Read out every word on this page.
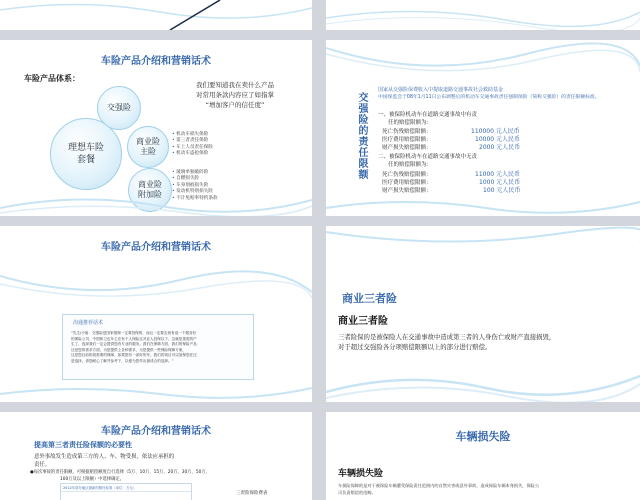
车险产品介绍和营销话术
车险产品体系：
理想车险
套餐
交强险
商业险
主险
商业险
附加险
我们要知道我在卖什么产品
对常用条款内容应了如指掌
“增加客户的信任度”
• 机动车损失保险
• 第三者责任保险
• 车上人员责任保险
• 机动车盗抢保险
• 玻璃单独破碎险
• 自燃损失险
• 车身划痕损失险
• 发动机特别损失险
• 不计免赔率特约条款
交强险的责任限额
国家从交强险保费收入中提取道路交通事故社会救助基金
中国保监会于08年1月11日公布调整后的机动车交通事故责任强制保险（简称交强险）的责任限额标准。
一、被保险机动车在道路交通事故中有责
任的赔偿限额为：
死亡伤残赔偿限额：	110000 元人民币
医疗费用赔偿限额：	10000 元人民币
财产损失赔偿限额：	2000 元人民币
二、被保险机动车在道路交通事故中无责
任的赔偿限额为：
死亡伤残赔偿限额：	11000 元人民币
医疗费用赔偿限额：	1000 元人民币
财产损失赔偿限额：	100 元人民币
车险产品介绍和营销话术
沟通推荐话术
“先生/小姐：交强险是国家强制一定要投保的，而且一定要去到有选一个服务好
的保险公司，中国和卫也车主在有个人保险这对业人投保以下，这就是果需的产
生了，选择我们一定会提供您有专业的服务。我们在保障方面，我们的保险产品
还是您的需求方面，为您提供上各种需求，为您提供一些保险保障方案，
这是您目前阶段需要的保障，如果您有一部好的车，我们的项目可以加保您在还
是选择，请您耐心了解并参考下，以便为您作出最适合的选择。”
商业三者险
商业三者险
三者险保的是被保险人在交通事故中造成第三者的人身伤亡或财产直接损毁，
对于超过交强险各分项赔偿限额以上的部分进行赔偿。
车险产品介绍和营销话术
提高第三者责任险保额的必要性
意外事故发生造成第三方的人、车、物受损，依法应承担的
责任。
●每次事故的责任限额，可根据赔偿额度自行选择（5万、10万、15万、20万、30万、50万、
100万及以上限额）中选择确定。
2012年部分地区最新的赔付标准（单位：万元）
三责险保险费表
车辆损失险
车辆损失险
车损险保障的是对于被保险车辆遭受保险责任范围内的自然灾害或意外事故，造成保险车辆本身损失，保险公
司负责赔偿的范畴。
